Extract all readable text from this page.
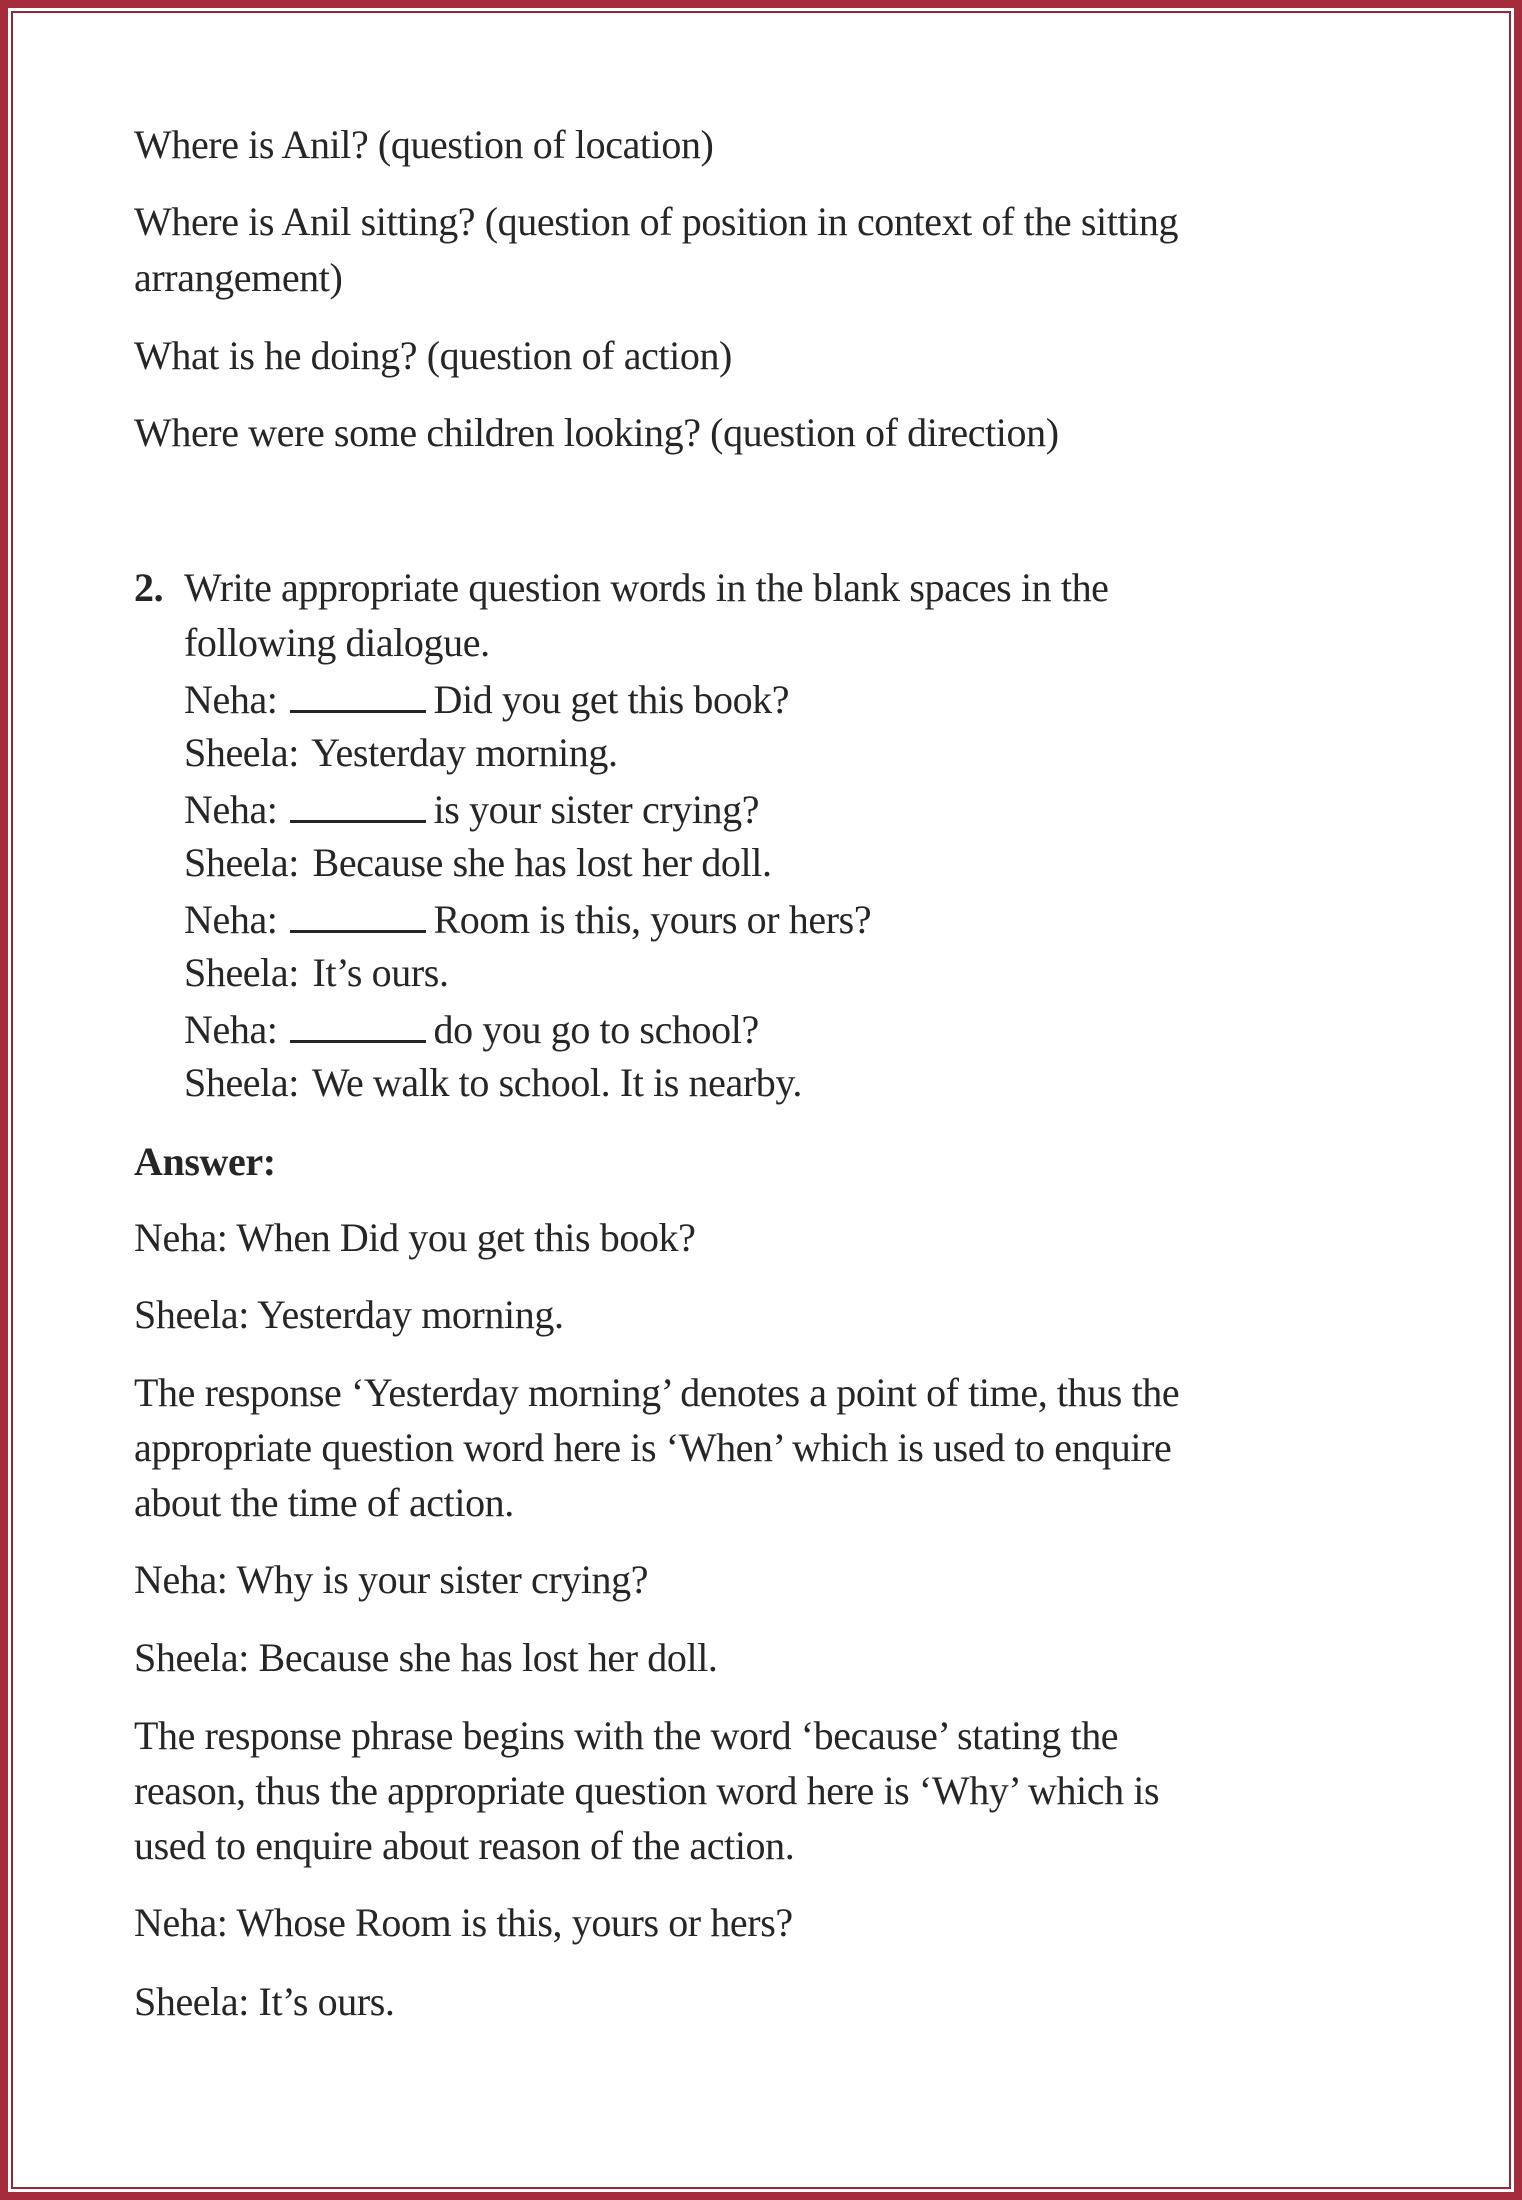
Where is Anil? (question of location)
Where is Anil sitting? (question of position in context of the sitting
arrangement)
What is he doing? (question of action)
Where were some children looking? (question of direction)
2. Write appropriate question words in the blank spaces in the
following dialogue.
Neha:	Did you get this book?
Sheela: Yesterday morning.
Neha:	is your sister crying?
Sheela: Because she has lost her doll.
Neha:	Room is this, yours or hers?
Sheela: It’s ours.
Neha:	do you go to school?
Sheela: We walk to school. It is nearby.
Answer:
Neha: When Did you get this book?
Sheela: Yesterday morning.
The response ‘Yesterday morning’ denotes a point of time, thus the
appropriate question word here is ‘When’ which is used to enquire
about the time of action.
Neha: Why is your sister crying?
Sheela: Because she has lost her doll.
The response phrase begins with the word ‘because’ stating the
reason, thus the appropriate question word here is ‘Why’ which is
used to enquire about reason of the action.
Neha: Whose Room is this, yours or hers?
Sheela: It’s ours.
